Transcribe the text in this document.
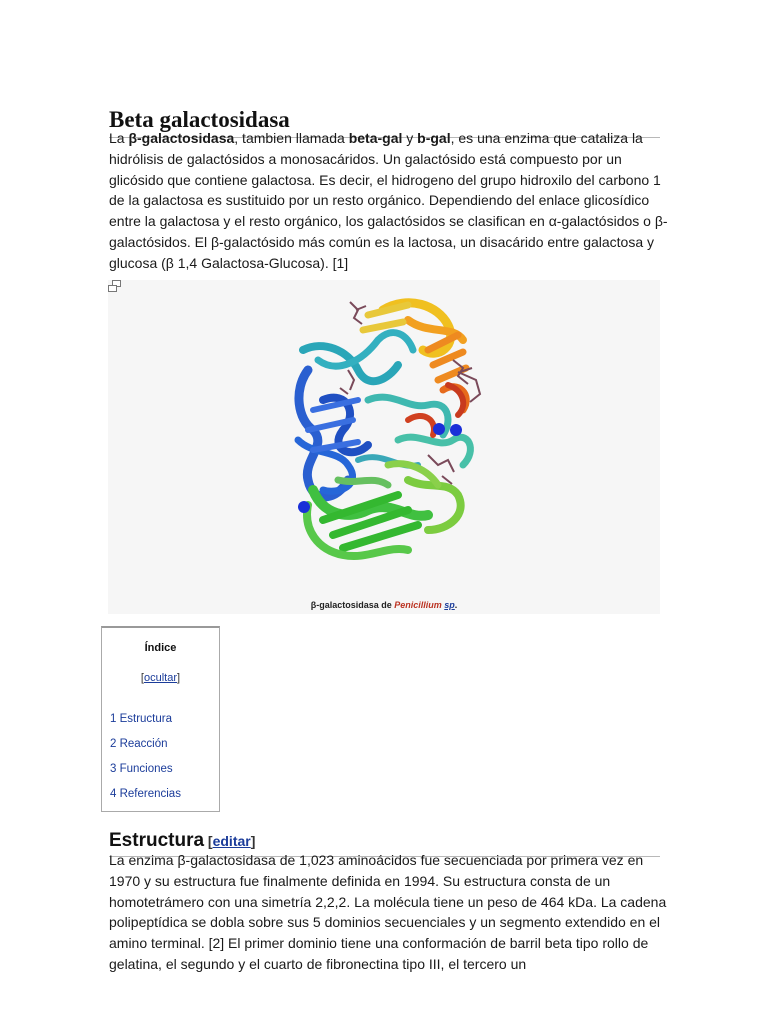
Beta galactosidasa

La β-galactosidasa, tambien llamada beta-gal y b-gal, es una enzima que cataliza la hidrólisis de galactósidos a monosacáridos. Un galactósido está compuesto por un glicósido que contiene galactosa. Es decir, el hidrogeno del grupo hidroxilo del carbono 1 de la galactosa es sustituido por un resto orgánico. Dependiendo del enlace glicosídico entre la galactosa y el resto orgánico, los galactósidos se clasifican en α-galactósidos o β-galactósidos. El β-galactósido más común es la lactosa, un disacárido entre galactosa y glucosa (β 1,4 Galactosa-Glucosa). [1]

β-galactosidasa de Penicillium sp.
Índice
[ocultar]
1 Estructura
2 Reacción
3 Funciones
4 Referencias
Estructura [editar]

La enzima β-galactosidasa de 1,023 aminoácidos fue secuenciada por primera vez en 1970 y su estructura fue finalmente definida en 1994. Su estructura consta de un homotetrámero con una simetría 2,2,2. La molécula tiene un peso de 464 kDa. La cadena polipeptídica se dobla sobre sus 5 dominios secuenciales y un segmento extendido en el amino terminal. [2] El primer dominio tiene una conformación de barril beta tipo rollo de gelatina, el segundo y el cuarto de fibronectina tipo III, el tercero un
